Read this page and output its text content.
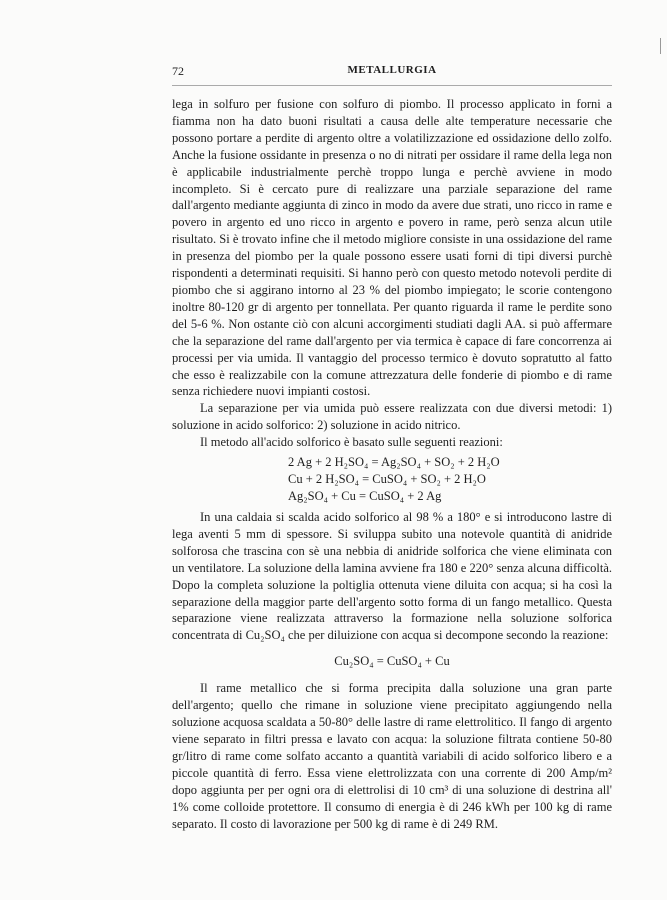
72	METALLURGIA

lega in solfuro per fusione con solfuro di piombo. Il processo applicato in forni a fiamma non ha dato buoni risultati a causa delle alte temperature necessarie che possono portare a perdite di argento oltre a volatilizzazione ed ossidazione dello zolfo. Anche la fusione ossidante in presenza o no di nitrati per ossidare il rame della lega non è applicabile industrialmente perchè troppo lunga e perchè avviene in modo incompleto. Si è cercato pure di realizzare una parziale separazione del rame dall'argento mediante aggiunta di zinco in modo da avere due strati, uno ricco in rame e povero in argento ed uno ricco in argento e povero in rame, però senza alcun utile risultato. Si è trovato infine che il metodo migliore consiste in una ossidazione del rame in presenza del piombo per la quale possono essere usati forni di tipi diversi purchè rispondenti a determinati requisiti. Si hanno però con questo metodo notevoli perdite di piombo che si aggirano intorno al 23 % del piombo impiegato; le scorie contengono inoltre 80-120 gr di argento per tonnellata. Per quanto riguarda il rame le perdite sono del 5-6 %. Non ostante ciò con alcuni accorgimenti studiati dagli AA. si può affermare che la separazione del rame dall'argento per via termica è capace di fare concorrenza ai processi per via umida. Il vantaggio del processo termico è dovuto sopratutto al fatto che esso è realizzabile con la comune attrezzatura delle fonderie di piombo e di rame senza richiedere nuovi impianti costosi.

La separazione per via umida può essere realizzata con due diversi metodi: 1) soluzione in acido solforico: 2) soluzione in acido nitrico.

Il metodo all'acido solforico è basato sulle seguenti reazioni:

2 Ag + 2 H₂SO₄ = Ag₂SO₄ + SO₂ + 2 H₂O
Cu + 2 H₂SO₄ = CuSO₄ + SO₂ + 2 H₂O
Ag₂SO₄ + Cu = CuSO₄ + 2 Ag

In una caldaia si scalda acido solforico al 98 % a 180° e si introducono lastre di lega aventi 5 mm di spessore. Si sviluppa subito una notevole quantità di anidride solforosa che trascina con sè una nebbia di anidride solforica che viene eliminata con un ventilatore. La soluzione della lamina avviene fra 180 e 220° senza alcuna difficoltà. Dopo la completa soluzione la poltiglia ottenuta viene diluita con acqua; si ha così la separazione della maggior parte dell'argento sotto forma di un fango metallico. Questa separazione viene realizzata attraverso la formazione nella soluzione solforica concentrata di Cu₂SO₄ che per diluizione con acqua si decompone secondo la reazione:

Cu₂SO₄ = CuSO₄ + Cu

Il rame metallico che si forma precipita dalla soluzione una gran parte dell'argento; quello che rimane in soluzione viene precipitato aggiungendo nella soluzione acquosa scaldata a 50-80° delle lastre di rame elettrolitico. Il fango di argento viene separato in filtri pressa e lavato con acqua: la soluzione filtrata contiene 50-80 gr/litro di rame come solfato accanto a quantità variabili di acido solforico libero e a piccole quantità di ferro. Essa viene elettrolizzata con una corrente di 200 Amp/m² dopo aggiunta per per ogni ora di elettrolisi di 10 cm³ di una soluzione di destrina all' 1% come colloide protettore. Il consumo di energia è di 246 kWh per 100 kg di rame separato. Il costo di lavorazione per 500 kg di rame è di 249 RM.
